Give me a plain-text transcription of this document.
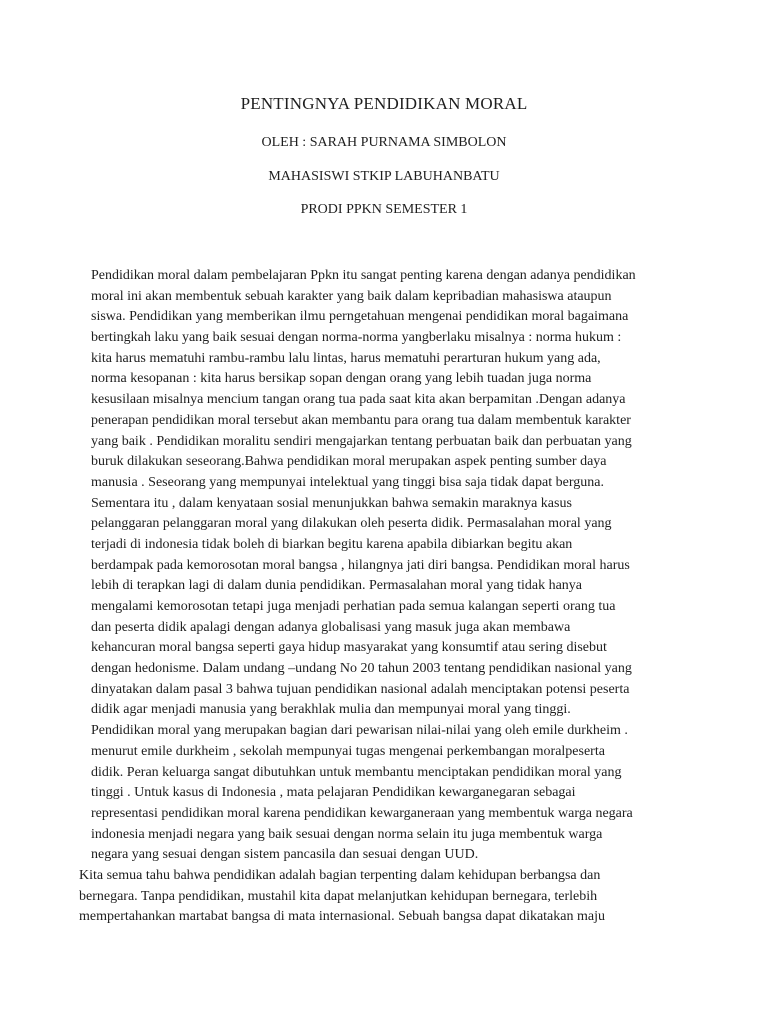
PENTINGNYA PENDIDIKAN MORAL

OLEH : SARAH PURNAMA SIMBOLON

MAHASISWI STKIP LABUHANBATU

PRODI PPKN SEMESTER 1

Pendidikan moral dalam pembelajaran Ppkn itu sangat penting karena dengan adanya pendidikan

moral ini akan membentuk sebuah karakter yang baik dalam kepribadian mahasiswa ataupun

siswa. Pendidikan yang memberikan ilmu perngetahuan mengenai pendidikan moral bagaimana

bertingkah laku yang baik sesuai dengan norma-norma yangberlaku misalnya : norma hukum :

kita harus mematuhi rambu-rambu lalu lintas, harus mematuhi perarturan hukum yang ada,

norma kesopanan : kita harus bersikap sopan dengan orang yang lebih tuadan juga norma

kesusilaan misalnya mencium tangan orang tua pada saat kita akan berpamitan .Dengan adanya

penerapan pendidikan moral tersebut akan membantu para orang tua dalam membentuk karakter

yang baik . Pendidikan moralitu sendiri mengajarkan tentang perbuatan baik dan perbuatan yang

buruk dilakukan seseorang.Bahwa pendidikan moral merupakan aspek penting sumber daya

manusia . Seseorang yang mempunyai intelektual yang tinggi bisa saja tidak dapat berguna.

Sementara itu , dalam kenyataan sosial menunjukkan bahwa semakin maraknya kasus

pelanggaran pelanggaran moral yang dilakukan oleh peserta didik. Permasalahan moral yang

terjadi di indonesia tidak boleh di biarkan begitu karena apabila dibiarkan begitu akan

berdampak pada kemorosotan moral bangsa , hilangnya jati diri bangsa. Pendidikan moral harus

lebih di terapkan lagi di dalam dunia pendidikan. Permasalahan moral yang tidak hanya

mengalami kemorosotan tetapi juga menjadi perhatian pada semua kalangan seperti orang tua

dan peserta didik apalagi dengan adanya globalisasi yang masuk juga akan membawa

kehancuran moral bangsa seperti gaya hidup masyarakat yang konsumtif atau sering disebut

dengan hedonisme. Dalam undang –undang No 20 tahun 2003 tentang pendidikan nasional yang

dinyatakan dalam pasal 3 bahwa tujuan pendidikan nasional adalah menciptakan potensi peserta

didik agar menjadi manusia yang berakhlak mulia dan mempunyai moral yang tinggi.

Pendidikan moral yang merupakan bagian dari pewarisan nilai-nilai yang oleh emile durkheim .

menurut emile durkheim , sekolah mempunyai tugas mengenai perkembangan moralpeserta

didik. Peran keluarga sangat dibutuhkan untuk membantu menciptakan pendidikan moral yang

tinggi . Untuk kasus di Indonesia , mata pelajaran Pendidikan kewarganegaran sebagai

representasi pendidikan moral karena pendidikan kewarganeraan yang membentuk warga negara

indonesia menjadi negara yang baik sesuai dengan norma selain itu juga membentuk warga

negara yang sesuai dengan sistem pancasila dan sesuai dengan UUD.

Kita semua tahu bahwa pendidikan adalah bagian terpenting dalam kehidupan berbangsa dan

bernegara. Tanpa pendidikan, mustahil kita dapat melanjutkan kehidupan bernegara, terlebih

mempertahankan martabat bangsa di mata internasional. Sebuah bangsa dapat dikatakan maju
